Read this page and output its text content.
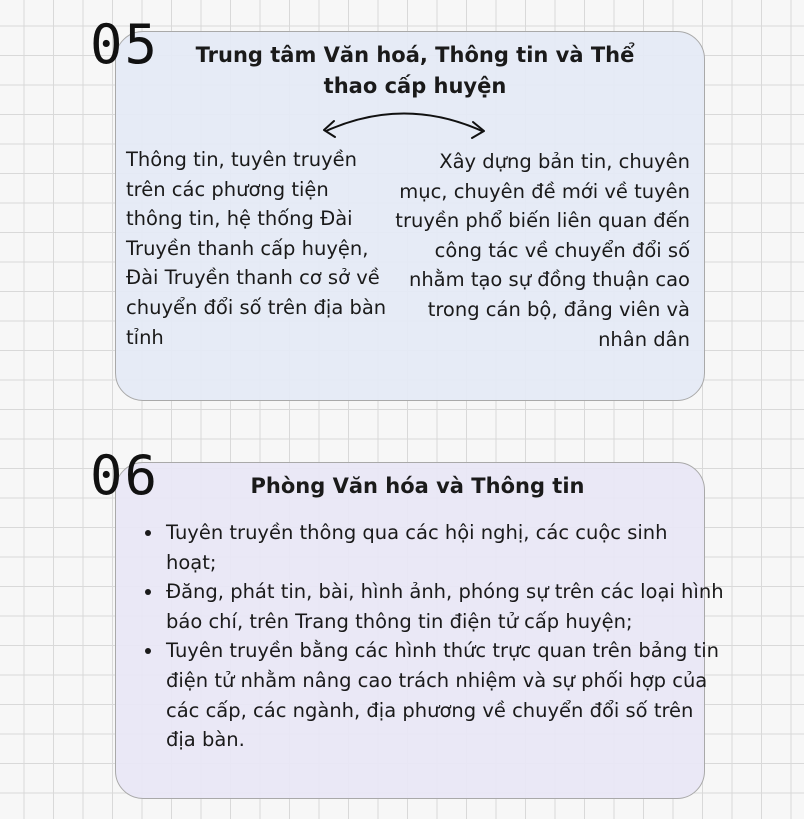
05 Trung tâm Văn hoá, Thông tin và Thể thao cấp huyện
Thông tin, tuyên truyền trên các phương tiện thông tin, hệ thống Đài Truyền thanh cấp huyện, Đài Truyền thanh cơ sở về chuyển đổi số trên địa bàn tỉnh
Xây dựng bản tin, chuyên mục, chuyên đề mới về tuyên truyền phổ biến liên quan đến công tác về chuyển đổi số nhằm tạo sự đồng thuận cao trong cán bộ, đảng viên và nhân dân
06	Phòng Văn hóa và Thông tin
• Tuyên truyền thông qua các hội nghị, các cuộc sinh hoạt;
• Đăng, phát tin, bài, hình ảnh, phóng sự trên các loại hình báo chí, trên Trang thông tin điện tử cấp huyện;
• Tuyên truyền bằng các hình thức trực quan trên bảng tin điện tử nhằm nâng cao trách nhiệm và sự phối hợp của các cấp, các ngành, địa phương về chuyển đổi số trên địa bàn.
